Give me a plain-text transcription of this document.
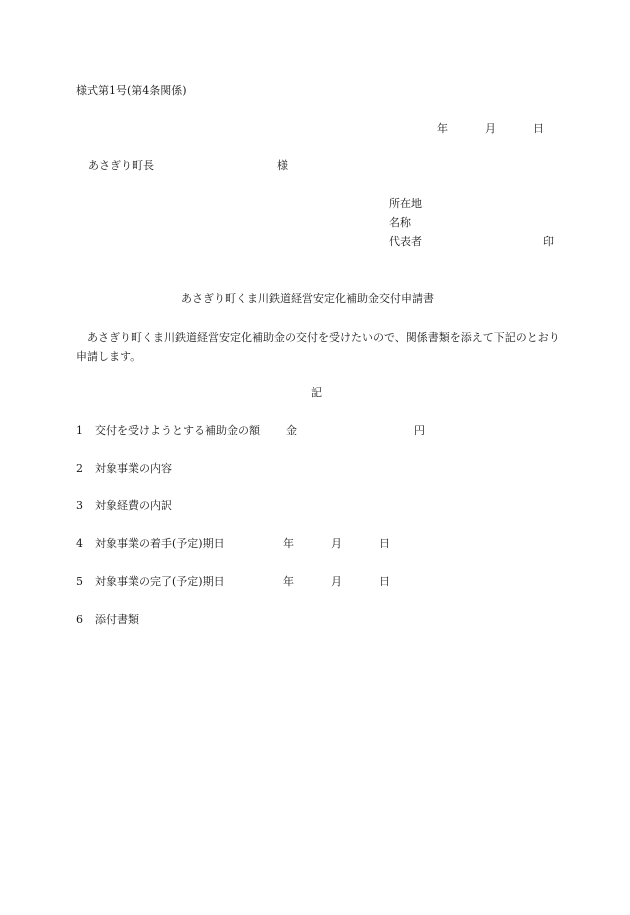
様式第1号(第4条関係)
年	月	日
あさぎり町長	様
所在地
名称
代表者	印
あさぎり町くま川鉄道経営安定化補助金交付申請書
あさぎり町くま川鉄道経営安定化補助金の交付を受けたいので、関係書類を添えて下記のとおり申請します。
記
1 交付を受けようとする補助金の額 金	円
2 対象事業の内容
3 対象経費の内訳
4 対象事業の着手(予定)期日	年	月	日
5 対象事業の完了(予定)期日	年	月	日
6 添付書類
